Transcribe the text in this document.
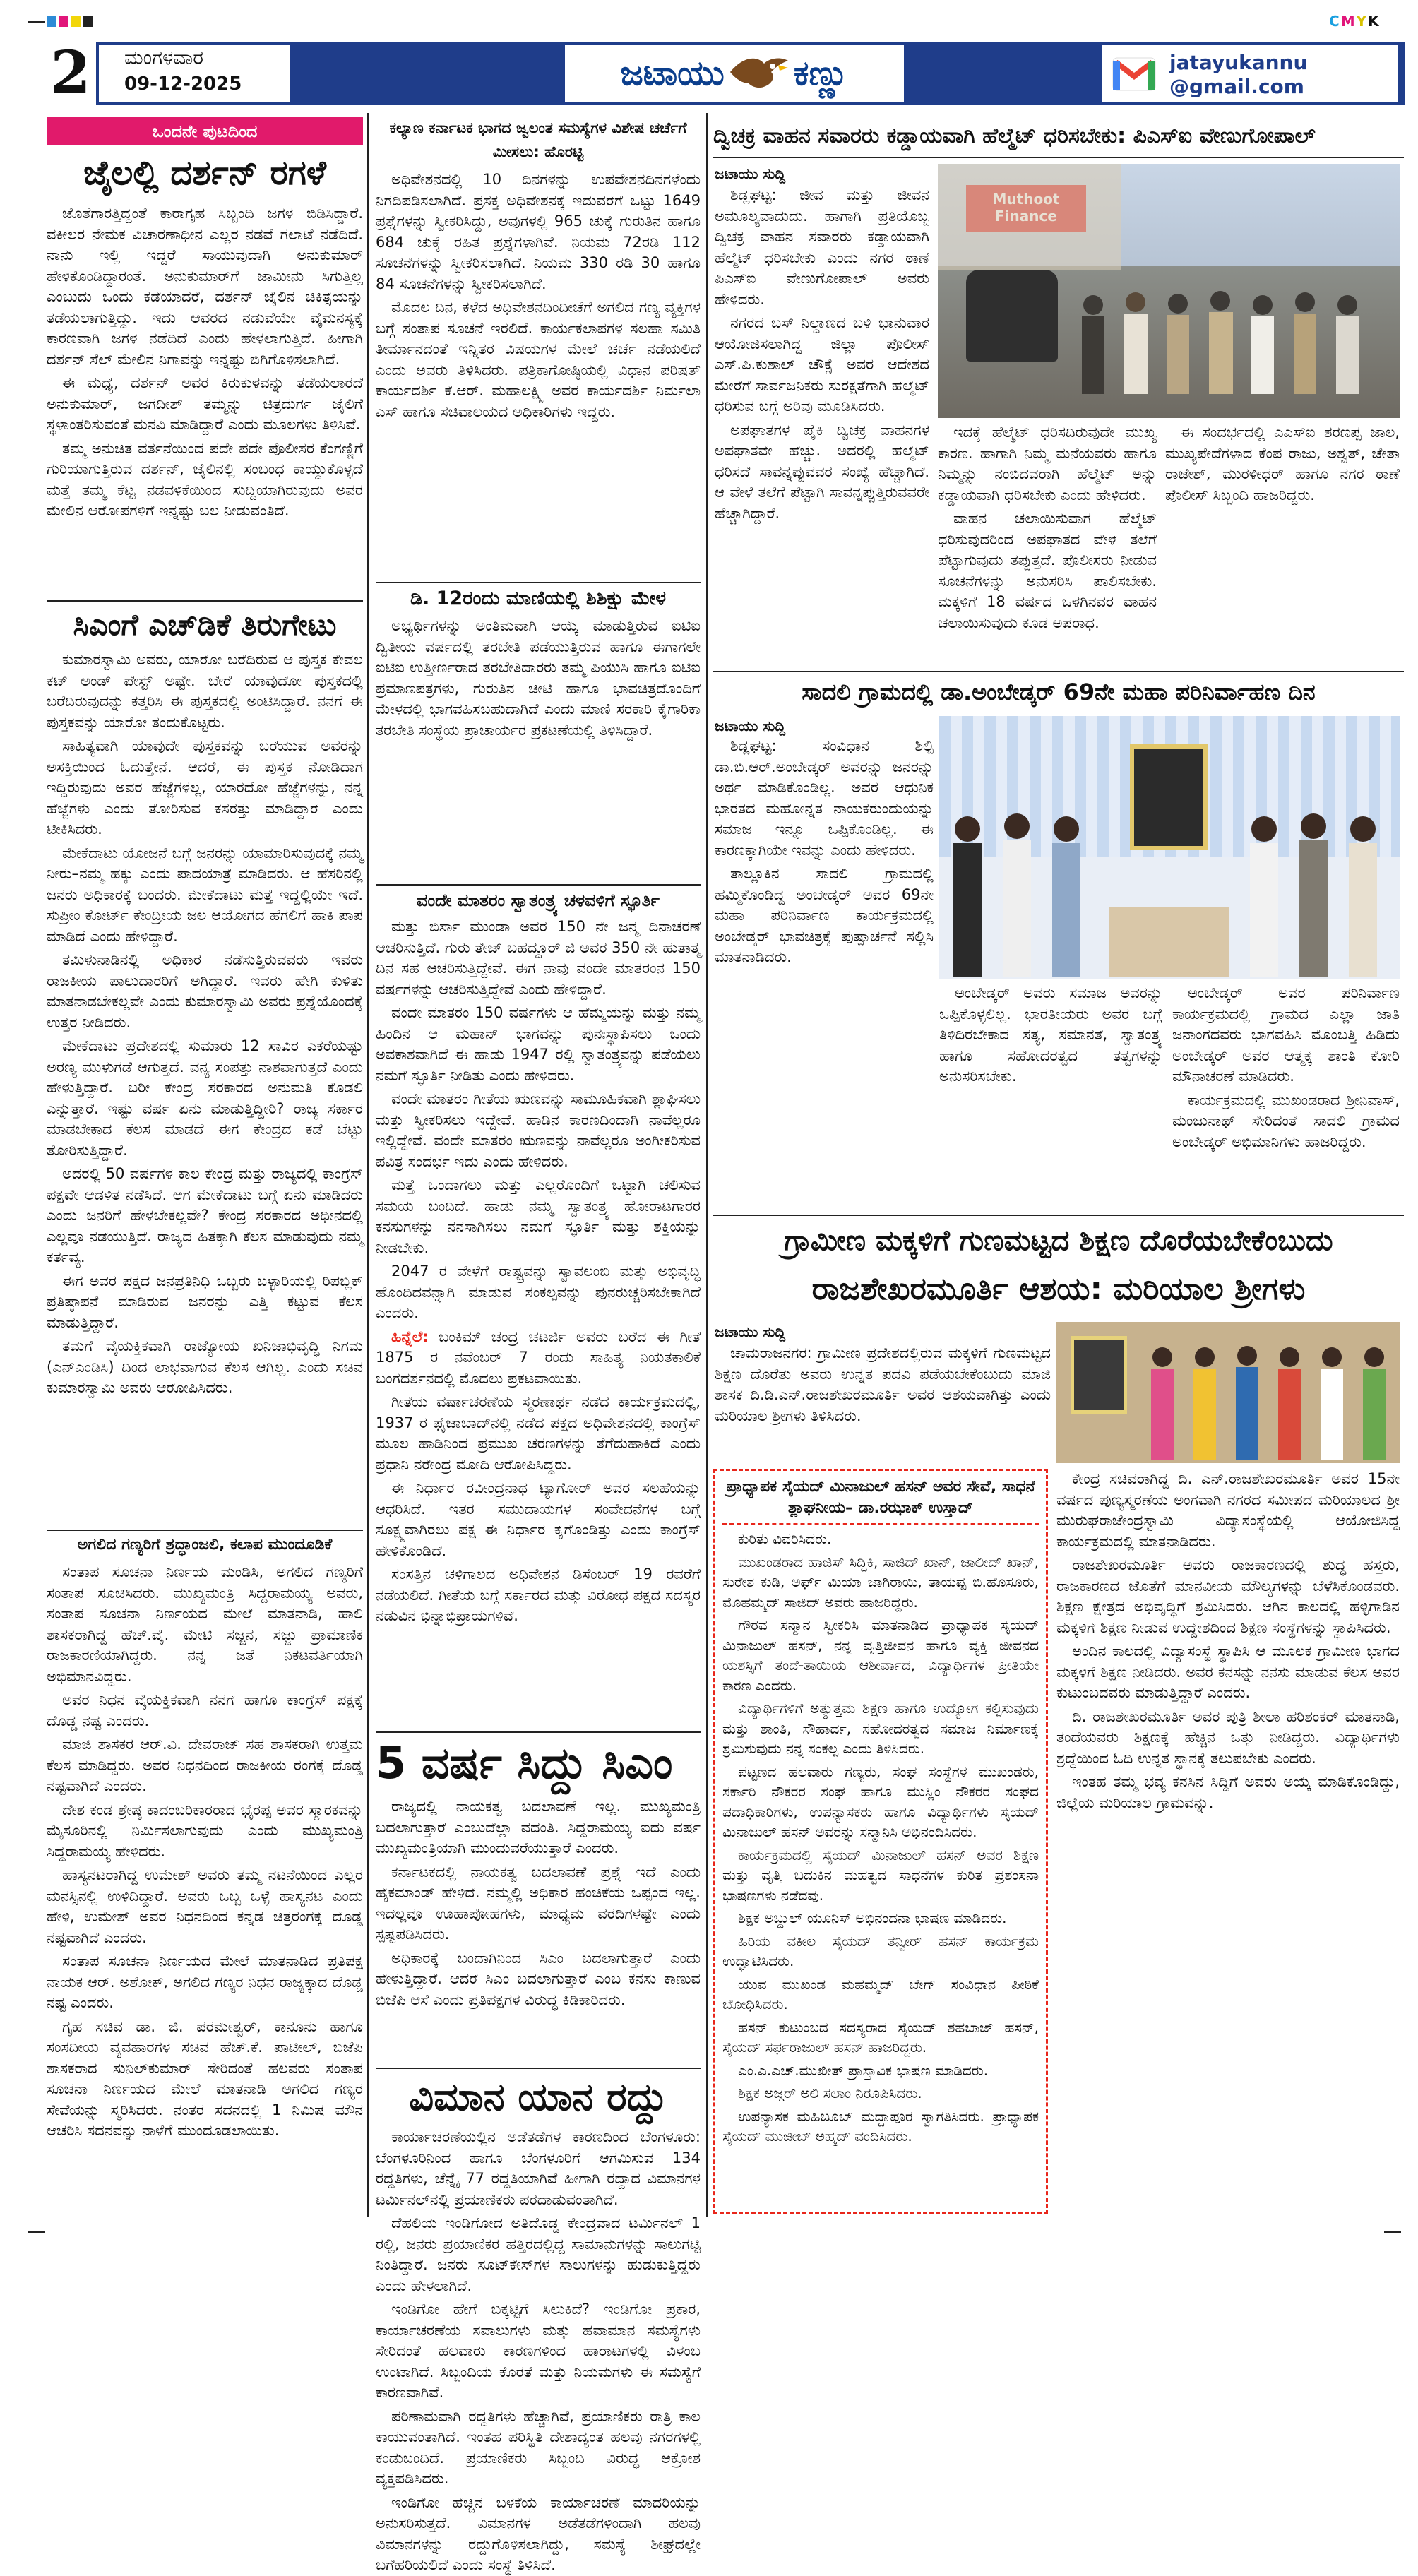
C M Y K
2 ಮಂಗಳವಾರ
09-12-2025	ಜಟಾಯು ಕಣ್ಣು	jatayukannu
@gmail.com
ಒಂದನೇ ಪುಟದಿಂದ
ಜೈಲಲ್ಲಿ ದರ್ಶನ್ ರಗಳೆ

ಜೊತೆಗಾರತ್ತಿದ್ದಂತೆ ಕಾರಾಗೃಹ ಸಿಬ್ಬಂದಿ ಜಗಳ ಬಿಡಿಸಿದ್ದಾರೆ. ವಕೀಲರ ನೇಮಕ ವಿಚಾರಣಾಧೀನ ಎಲ್ಲರ ನಡವೆ ಗಲಾಟೆ ನಡೆದಿದೆ. ನಾನು ಇಲ್ಲಿ ಇದ್ದರೆ ಸಾಯುವುದಾಗಿ ಅನುಕುಮಾರ್ ಹೇಳಿಕೊಂಡಿದ್ದಾರಂತೆ. ಅನುಕುಮಾರ್‌ಗೆ ಜಾಮೀನು ಸಿಗುತ್ತಿಲ್ಲ ಎಂಬುದು ಒಂದು ಕಡೆಯಾದರೆ, ದರ್ಶನ್ ಜೈಲಿನ ಚಿಕಿತ್ಸೆಯನ್ನು ತಡೆಯಲಾಗುತ್ತಿದ್ದು. ಇದು ಆವರದ ನಡುವೆಯೇ ವೈಮನಸ್ಯಕ್ಕೆ ಕಾರಣವಾಗಿ ಜಗಳ ನಡೆದಿದೆ ಎಂದು ಹೇಳಲಾಗುತ್ತಿದೆ. ಹೀಗಾಗಿ ದರ್ಶನ್ ಸೆಲ್ ಮೇಲಿನ ನಿಗಾವನ್ನು ಇನ್ನಷ್ಟು ಬಿಗಿಗೊಳಿಸಲಾಗಿದೆ.

ಈ ಮಧ್ಯೆ, ದರ್ಶನ್ ಅವರ ಕಿರುಕುಳವನ್ನು ತಡೆಯಲಾರದೆ ಅನುಕುಮಾರ್, ಜಗದೀಶ್ ತಮ್ಮನ್ನು ಚಿತ್ರದುರ್ಗ ಜೈಲಿಗೆ ಸ್ಥಳಾಂತರಿಸುವಂತೆ ಮನವಿ ಮಾಡಿದ್ದಾರೆ ಎಂದು ಮೂಲಗಳು ತಿಳಿಸಿವೆ.

ತಮ್ಮ ಅನುಚಿತ ವರ್ತನೆಯಿಂದ ಪದೇ ಪದೇ ಪೊಲೀಸರ ಕೆಂಗಣ್ಣಿಗೆ ಗುರಿಯಾಗುತ್ತಿರುವ ದರ್ಶನ್, ಜೈಲಿನಲ್ಲಿ ಸಂಬಂಧ ಕಾಯ್ದುಕೊಳ್ಳದೆ ಮತ್ತೆ ತಮ್ಮ ಕೆಟ್ಟ ನಡವಳಿಕೆಯಿಂದ ಸುದ್ದಿಯಾಗಿರುವುದು ಅವರ ಮೇಲಿನ ಆರೋಪಗಳಿಗೆ ಇನ್ನಷ್ಟು ಬಲ ನೀಡುವಂತಿದೆ.

ಸಿಎಂಗೆ ಎಚ್‌ಡಿಕೆ ತಿರುಗೇಟು

ಕುಮಾರಸ್ವಾಮಿ ಅವರು, ಯಾರೋ ಬರೆದಿರುವ ಆ ಪುಸ್ತಕ ಕೇವಲ ಕಟ್ ಅಂಡ್ ಪೇಸ್ಟ್ ಅಷ್ಟೇ. ಬೇರೆ ಯಾವುದೋ ಪುಸ್ತಕದಲ್ಲಿ ಬರೆದಿರುವುದನ್ನು ಕತ್ತರಿಸಿ ಈ ಪುಸ್ತಕದಲ್ಲಿ ಅಂಟಿಸಿದ್ದಾರೆ. ನನಗೆ ಈ ಪುಸ್ತಕವನ್ನು ಯಾರೋ ತಂದುಕೊಟ್ಟರು.

ಸಾಹಿತ್ಯವಾಗಿ ಯಾವುದೇ ಪುಸ್ತಕವನ್ನು ಬರೆಯುವ ಅವರನ್ನು ಅಸಕ್ತಿಯಿಂದ ಓದುತ್ತೇನೆ. ಆದರೆ, ಈ ಪುಸ್ತಕ ನೋಡಿದಾಗ ಇದ್ದಿರುವುದು ಅವರ ಹೆಜ್ಜೆಗಳಲ್ಲ, ಯಾರದೋ ಹೆಜ್ಜೆಗಳನ್ನು, ನನ್ನ ಹೆಜ್ಜೆಗಳು ಎಂದು ತೋರಿಸುವ ಕಸರತ್ತು ಮಾಡಿದ್ದಾರೆ ಎಂದು ಟೀಕಿಸಿದರು.

ಮೇಕೆದಾಟು ಯೋಜನೆ ಬಗ್ಗೆ ಜನರನ್ನು ಯಾಮಾರಿಸುವುದಕ್ಕೆ ನಮ್ಮ ನೀರು–ನಮ್ಮ ಹಕ್ಕು ಎಂದು ಪಾದಯಾತ್ರೆ ಮಾಡಿದರು. ಆ ಹೆಸರಿನಲ್ಲಿ ಜನರು ಅಧಿಕಾರಕ್ಕೆ ಬಂದರು. ಮೇಕೆದಾಟು ಮತ್ತೆ ಇದ್ದಲ್ಲಿಯೇ ಇದೆ. ಸುಪ್ರೀಂ ಕೋರ್ಟ್ ಕೇಂದ್ರೀಯ ಜಲ ಆಯೋಗದ ಹೆಗಲಿಗೆ ಹಾಕಿ ಪಾಪ ಮಾಡಿದೆ ಎಂದು ಹೇಳಿದ್ದಾರೆ.

ತಮಿಳುನಾಡಿನಲ್ಲಿ ಅಧಿಕಾರ ನಡೆಸುತ್ತಿರುವವರು ಇವರು ರಾಜಕೀಯ ಪಾಲುದಾರರಿಗೆ ಅಗಿದ್ದಾರೆ. ಇವರು ಹೇಗಿ ಕುಳಿತು ಮಾತನಾಡಬೇಕಲ್ಲವೇ ಎಂದು ಕುಮಾರಸ್ವಾಮಿ ಅವರು ಪ್ರಶ್ನೆಯೊಂದಕ್ಕೆ ಉತ್ತರ ನೀಡಿದರು.

ಮೇಕೆದಾಟು ಪ್ರದೇಶದಲ್ಲಿ ಸುಮಾರು 12 ಸಾವಿರ ಎಕರೆಯಷ್ಟು ಅರಣ್ಯ ಮುಳುಗಡೆ ಆಗುತ್ತದೆ. ವನ್ಯ ಸಂಪತ್ತು ನಾಶವಾಗುತ್ತದೆ ಎಂದು ಹೇಳುತ್ತಿದ್ದಾರೆ. ಬರೀ ಕೇಂದ್ರ ಸರಕಾರದ ಅನುಮತಿ ಕೊಡಲಿ ಎನ್ನುತ್ತಾರೆ. ಇಷ್ಟು ವರ್ಷ ಏನು ಮಾಡುತ್ತಿದ್ದೀರಿ? ರಾಜ್ಯ ಸರ್ಕಾರ ಮಾಡಬೇಕಾದ ಕೆಲಸ ಮಾಡದೆ ಈಗ ಕೇಂದ್ರದ ಕಡೆ ಬೆಟ್ಟು ತೋರಿಸುತ್ತಿದ್ದಾರೆ.

ಅದರಲ್ಲಿ 50 ವರ್ಷಗಳ ಕಾಲ ಕೇಂದ್ರ ಮತ್ತು ರಾಜ್ಯದಲ್ಲಿ ಕಾಂಗ್ರೆಸ್ ಪಕ್ಷವೇ ಆಡಳಿತ ನಡೆಸಿದೆ. ಆಗ ಮೇಕೆದಾಟು ಬಗ್ಗೆ ಏನು ಮಾಡಿದರು ಎಂದು ಜನರಿಗೆ ಹೇಳಬೇಕಲ್ಲವೇ? ಕೇಂದ್ರ ಸರಕಾರದ ಅಧೀನದಲ್ಲಿ ಎಲ್ಲವೂ ನಡೆಯುತ್ತಿದೆ. ರಾಜ್ಯದ ಹಿತಕ್ಕಾಗಿ ಕೆಲಸ ಮಾಡುವುದು ನಮ್ಮ ಕರ್ತವ್ಯ.

ಈಗ ಅವರ ಪಕ್ಷದ ಜನಪ್ರತಿನಿಧಿ ಒಬ್ಬರು ಬಳ್ಳಾರಿಯಲ್ಲಿ ರಿಪಬ್ಲಿಕ್ ಪ್ರತಿಷ್ಠಾಪನೆ ಮಾಡಿರುವ ಜನರನ್ನು ಎತ್ತಿ ಕಟ್ಟುವ ಕೆಲಸ ಮಾಡುತ್ತಿದ್ದಾರೆ.

ತಮಗೆ ವೈಯಕ್ತಿಕವಾಗಿ ರಾಜ್ಯೋಯ ಖನಿಜಾಭಿವೃದ್ಧಿ ನಿಗಮ (ಎನ್‌ಎಂಡಿಸಿ) ದಿಂದ ಲಾಭವಾಗುವ ಕೆಲಸ ಆಗಿಲ್ಲ. ಎಂದು ಸಚಿವ ಕುಮಾರಸ್ವಾಮಿ ಅವರು ಆರೋಪಿಸಿದರು.

ಅಗಲಿದ ಗಣ್ಯರಿಗೆ ಶ್ರದ್ಧಾಂಜಲಿ, ಕಲಾಪ ಮುಂದೂಡಿಕೆ

ಸಂತಾಪ ಸೂಚನಾ ನಿರ್ಣಯ ಮಂಡಿಸಿ, ಅಗಲಿದ ಗಣ್ಯರಿಗೆ ಸಂತಾಪ ಸೂಚಿಸಿದರು. ಮುಖ್ಯಮಂತ್ರಿ ಸಿದ್ದರಾಮಯ್ಯ ಅವರು, ಸಂತಾಪ ಸೂಚನಾ ನಿರ್ಣಯದ ಮೇಲೆ ಮಾತನಾಡಿ, ಹಾಲಿ ಶಾಸಕರಾಗಿದ್ದ ಹೆಚ್.ವೈ. ಮೇಟಿ ಸಜ್ಜನ, ಸಜ್ಜು ಪ್ರಾಮಾಣಿಕ ರಾಜಕಾರಣಿಯಾಗಿದ್ದರು. ನನ್ನ ಜತೆ ನಿಕಟವರ್ತಿಯಾಗಿ ಅಭಿಮಾನವಿದ್ದರು.

ಅವರ ನಿಧನ ವೈಯಕ್ತಿಕವಾಗಿ ನನಗೆ ಹಾಗೂ ಕಾಂಗ್ರೆಸ್ ಪಕ್ಷಕ್ಕೆ ದೊಡ್ಡ ನಷ್ಟ ಎಂದರು.

ಮಾಜಿ ಶಾಸಕರ ಆರ್.ವಿ. ದೇವರಾಜ್ ಸಹ ಶಾಸಕರಾಗಿ ಉತ್ತಮ ಕೆಲಸ ಮಾಡಿದ್ದರು. ಅವರ ನಿಧನದಿಂದ ರಾಜಕೀಯ ರಂಗಕ್ಕೆ ದೊಡ್ಡ ನಷ್ಟವಾಗಿದೆ ಎಂದರು.

ದೇಶ ಕಂಡ ಶ್ರೇಷ್ಠ ಕಾದಂಬರಿಕಾರರಾದ ಭೈರಪ್ಪ ಅವರ ಸ್ಮಾರಕವನ್ನು ಮೈಸೂರಿನಲ್ಲಿ ನಿರ್ಮಿಸಲಾಗುವುದು ಎಂದು ಮುಖ್ಯಮಂತ್ರಿ ಸಿದ್ದರಾಮಯ್ಯ ಹೇಳಿದರು.

ಹಾಸ್ಯನಟರಾಗಿದ್ದ ಉಮೇಶ್ ಅವರು ತಮ್ಮ ನಟನೆಯಿಂದ ಎಲ್ಲರ ಮನಸ್ಸಿನಲ್ಲಿ ಉಳಿದಿದ್ದಾರೆ. ಅವರು ಒಬ್ಬ ಒಳ್ಳೆ ಹಾಸ್ಯನಟ ಎಂದು ಹೇಳಿ, ಉಮೇಶ್ ಅವರ ನಿಧನದಿಂದ ಕನ್ನಡ ಚಿತ್ರರಂಗಕ್ಕೆ ದೊಡ್ಡ ನಷ್ಟವಾಗಿದೆ ಎಂದರು.

ಸಂತಾಪ ಸೂಚನಾ ನಿರ್ಣಯದ ಮೇಲೆ ಮಾತನಾಡಿದ ಪ್ರತಿಪಕ್ಷ ನಾಯಕ ಆರ್. ಅಶೋಕ್, ಅಗಲಿದ ಗಣ್ಯರ ನಿಧನ ರಾಜ್ಯಕ್ಕಾದ ದೊಡ್ಡ ನಷ್ಟ ಎಂದರು.

ಗೃಹ ಸಚಿವ ಡಾ. ಜಿ. ಪರಮೇಶ್ವರ್, ಕಾನೂನು ಹಾಗೂ ಸಂಸದೀಯ ವ್ಯವಹಾರಗಳ ಸಚಿವ ಹೆಚ್.ಕೆ. ಪಾಟೀಲ್, ಬಿಜೆಪಿ ಶಾಸಕರಾದ ಸುನಿಲ್‌ಕುಮಾರ್ ಸೇರಿದಂತೆ ಹಲವರು ಸಂತಾಪ ಸೂಚನಾ ನಿರ್ಣಯದ ಮೇಲೆ ಮಾತನಾಡಿ ಅಗಲಿದ ಗಣ್ಯರ ಸೇವೆಯನ್ನು ಸ್ಮರಿಸಿದರು. ನಂತರ ಸದನದಲ್ಲಿ 1 ನಿಮಿಷ ಮೌನ ಆಚರಿಸಿ ಸದನವನ್ನು ನಾಳೆಗೆ ಮುಂದೂಡಲಾಯಿತು.

ಕಲ್ಯಾಣ ಕರ್ನಾಟಕ ಭಾಗದ ಜ್ವಲಂತ ಸಮಸ್ಯೆಗಳ ವಿಶೇಷ ಚರ್ಚೆಗೆ ಮೀಸಲು: ಹೊರಟ್ಟಿ

ಅಧಿವೇಶನದಲ್ಲಿ 10 ದಿನಗಳನ್ನು ಉಪವೇಶನದಿನಗಳೆಂದು ನಿಗದಿಪಡಿಸಲಾಗಿದೆ. ಪ್ರಸಕ್ತ ಅಧಿವೇಶನಕ್ಕೆ ಇದುವರೆಗೆ ಒಟ್ಟು 1649 ಪ್ರಶ್ನೆಗಳನ್ನು ಸ್ವೀಕರಿಸಿದ್ದು, ಅವುಗಳಲ್ಲಿ 965 ಚುಕ್ಕೆ ಗುರುತಿನ ಹಾಗೂ 684 ಚುಕ್ಕೆ ರಹಿತ ಪ್ರಶ್ನೆಗಳಾಗಿವೆ. ನಿಯಮ 72ರಡಿ 112 ಸೂಚನೆಗಳನ್ನು ಸ್ವೀಕರಿಸಲಾಗಿದೆ. ನಿಯಮ 330 ರಡಿ 30 ಹಾಗೂ 84 ಸೂಚನೆಗಳನ್ನು ಸ್ವೀಕರಿಸಲಾಗಿದೆ.

ಮೊದಲ ದಿನ, ಕಳೆದ ಅಧಿವೇಶನದಿಂದೀಚೆಗೆ ಅಗಲಿದ ಗಣ್ಯ ವ್ಯಕ್ತಿಗಳ ಬಗ್ಗೆ ಸಂತಾಪ ಸೂಚನೆ ಇರಲಿದೆ. ಕಾರ್ಯಕಲಾಪಗಳ ಸಲಹಾ ಸಮಿತಿ ತೀರ್ಮಾನದಂತೆ ಇನ್ನಿತರ ವಿಷಯಗಳ ಮೇಲೆ ಚರ್ಚೆ ನಡೆಯಲಿದೆ ಎಂದು ಅವರು ತಿಳಿಸಿದರು. ಪತ್ರಿಕಾಗೋಷ್ಠಿಯಲ್ಲಿ ವಿಧಾನ ಪರಿಷತ್ ಕಾರ್ಯದರ್ಶಿ ಕೆ.ಆರ್. ಮಹಾಲಕ್ಷ್ಮಿ ಅವರ ಕಾರ್ಯದರ್ಶಿ ನಿರ್ಮಲಾ ಎಸ್ ಹಾಗೂ ಸಚಿವಾಲಯದ ಅಧಿಕಾರಿಗಳು ಇದ್ದರು.

ಡಿ. 12ರಂದು ಮಾಣಿಯಲ್ಲಿ ಶಿಶಿಕ್ಷು ಮೇಳ

ಅಭ್ಯರ್ಥಿಗಳನ್ನು ಅಂತಿಮವಾಗಿ ಆಯ್ಕೆ ಮಾಡುತ್ತಿರುವ ಐಟಿಐ ದ್ವಿತೀಯ ವರ್ಷದಲ್ಲಿ ತರಬೇತಿ ಪಡೆಯುತ್ತಿರುವ ಹಾಗೂ ಈಗಾಗಲೇ ಐಟಿಐ ಉತ್ತೀರ್ಣರಾದ ತರಬೇತಿದಾರರು ತಮ್ಮ ಪಿಯುಸಿ ಹಾಗೂ ಐಟಿಐ ಪ್ರಮಾಣಪತ್ರಗಳು, ಗುರುತಿನ ಚೀಟಿ ಹಾಗೂ ಭಾವಚಿತ್ರದೊಂದಿಗೆ ಮೇಳದಲ್ಲಿ ಭಾಗವಹಿಸಬಹುದಾಗಿದೆ ಎಂದು ಮಾಣಿ ಸರಕಾರಿ ಕೈಗಾರಿಕಾ ತರಬೇತಿ ಸಂಸ್ಥೆಯ ಪ್ರಾಚಾರ್ಯರ ಪ್ರಕಟಣೆಯಲ್ಲಿ ತಿಳಿಸಿದ್ದಾರೆ.

ವಂದೇ ಮಾತರಂ ಸ್ವಾತಂತ್ರ್ಯ ಚಳವಳಿಗೆ ಸ್ಫೂರ್ತಿ

ಮತ್ತು ಬಿರ್ಸಾ ಮುಂಡಾ ಅವರ 150 ನೇ ಜನ್ಮ ದಿನಾಚರಣೆ ಆಚರಿಸುತ್ತಿದೆ. ಗುರು ತೇಜ್ ಬಹದ್ದೂರ್ ಜಿ ಅವರ 350 ನೇ ಹುತಾತ್ಮ ದಿನ ಸಹ ಆಚರಿಸುತ್ತಿದ್ದೇವೆ. ಈಗ ನಾವು ವಂದೇ ಮಾತರಂನ 150 ವರ್ಷಗಳನ್ನು ಆಚರಿಸುತ್ತಿದ್ದೇವೆ ಎಂದು ಹೇಳಿದ್ದಾರೆ.

ವಂದೇ ಮಾತರಂ 150 ವರ್ಷಗಳು ಆ ಹೆಮ್ಮೆಯನ್ನು ಮತ್ತು ನಮ್ಮ ಹಿಂದಿನ ಆ ಮಹಾನ್ ಭಾಗವನ್ನು ಪುನಃಸ್ಥಾಪಿಸಲು ಒಂದು ಅವಕಾಶವಾಗಿದೆ ಈ ಹಾಡು 1947 ರಲ್ಲಿ ಸ್ವಾತಂತ್ರ್ಯವನ್ನು ಪಡೆಯಲು ನಮಗೆ ಸ್ಫೂರ್ತಿ ನೀಡಿತು ಎಂದು ಹೇಳಿದರು.

ವಂದೇ ಮಾತರಂ ಗೀತೆಯ ಋಣವನ್ನು ಸಾಮೂಹಿಕವಾಗಿ ಶ್ಲಾಘಿಸಲು ಮತ್ತು ಸ್ವೀಕರಿಸಲು ಇದ್ದೇವೆ. ಹಾಡಿನ ಕಾರಣದಿಂದಾಗಿ ನಾವೆಲ್ಲರೂ ಇಲ್ಲಿದ್ದೇವೆ. ವಂದೇ ಮಾತರಂ ಋಣವನ್ನು ನಾವೆಲ್ಲರೂ ಅಂಗೀಕರಿಸುವ ಪವಿತ್ರ ಸಂದರ್ಭ ಇದು ಎಂದು ಹೇಳಿದರು.

ಮತ್ತೆ ಒಂದಾಗಲು ಮತ್ತು ಎಲ್ಲರೊಂದಿಗೆ ಒಟ್ಟಾಗಿ ಚಲಿಸುವ ಸಮಯ ಬಂದಿದೆ. ಹಾಡು ನಮ್ಮ ಸ್ವಾತಂತ್ರ್ಯ ಹೋರಾಟಗಾರರ ಕನಸುಗಳನ್ನು ನನಸಾಗಿಸಲು ನಮಗೆ ಸ್ಫೂರ್ತಿ ಮತ್ತು ಶಕ್ತಿಯನ್ನು ನೀಡಬೇಕು.

2047 ರ ವೇಳೆಗೆ ರಾಷ್ಟ್ರವನ್ನು ಸ್ವಾವಲಂಬಿ ಮತ್ತು ಅಭಿವೃದ್ಧಿ ಹೊಂದಿದವನ್ನಾಗಿ ಮಾಡುವ ಸಂಕಲ್ಪವನ್ನು ಪುನರುಚ್ಚರಿಸಬೇಕಾಗಿದೆ ಎಂದರು.

ಹಿನ್ನೆಲೆ: ಬಂಕಿಮ್ ಚಂದ್ರ ಚಟರ್ಜಿ ಅವರು ಬರೆದ ಈ ಗೀತೆ 1875 ರ ನವೆಂಬರ್ 7 ರಂದು ಸಾಹಿತ್ಯ ನಿಯತಕಾಲಿಕೆ ಬಂಗದರ್ಶನದಲ್ಲಿ ಮೊದಲು ಪ್ರಕಟವಾಯಿತು.

ಗೀತೆಯ ವರ್ಷಾಚರಣೆಯ ಸ್ಮರಣಾರ್ಥ ನಡೆದ ಕಾರ್ಯಕ್ರಮದಲ್ಲಿ, 1937 ರ ಫೈಜಾಬಾದ್‌ನಲ್ಲಿ ನಡೆದ ಪಕ್ಷದ ಅಧಿವೇಶನದಲ್ಲಿ ಕಾಂಗ್ರೆಸ್ ಮೂಲ ಹಾಡಿನಿಂದ ಪ್ರಮುಖ ಚರಣಗಳನ್ನು ತೆಗೆದುಹಾಕಿದೆ ಎಂದು ಪ್ರಧಾನಿ ನರೇಂದ್ರ ಮೋದಿ ಆರೋಪಿಸಿದ್ದರು.

ಈ ನಿರ್ಧಾರ ರವೀಂದ್ರನಾಥ ಟ್ಯಾಗೋರ್ ಅವರ ಸಲಹೆಯನ್ನು ಆಧರಿಸಿದೆ. ಇತರ ಸಮುದಾಯಗಳ ಸಂವೇದನೆಗಳ ಬಗ್ಗೆ ಸೂಕ್ಷ್ಮವಾಗಿರಲು ಪಕ್ಷ ಈ ನಿರ್ಧಾರ ಕೈಗೊಂಡಿತ್ತು ಎಂದು ಕಾಂಗ್ರೆಸ್ ಹೇಳಿಕೊಂಡಿದೆ.

ಸಂಸತ್ತಿನ ಚಳಿಗಾಲದ ಅಧಿವೇಶನ ಡಿಸೆಂಬರ್ 19 ರವರೆಗೆ ನಡೆಯಲಿದೆ. ಗೀತೆಯ ಬಗ್ಗೆ ಸರ್ಕಾರದ ಮತ್ತು ವಿರೋಧ ಪಕ್ಷದ ಸದಸ್ಯರ ನಡುವಿನ ಭಿನ್ನಾಭಿಪ್ರಾಯಗಳಿವೆ.

5 ವರ್ಷ ಸಿದ್ದು ಸಿಎಂ

ರಾಜ್ಯದಲ್ಲಿ ನಾಯಕತ್ವ ಬದಲಾವಣೆ ಇಲ್ಲ. ಮುಖ್ಯಮಂತ್ರಿ ಬದಲಾಗುತ್ತಾರೆ ಎಂಬುದೆಲ್ಲಾ ವದಂತಿ. ಸಿದ್ದರಾಮಯ್ಯ ಐದು ವರ್ಷ ಮುಖ್ಯಮಂತ್ರಿಯಾಗಿ ಮುಂದುವರೆಯುತ್ತಾರೆ ಎಂದರು.

ಕರ್ನಾಟಕದಲ್ಲಿ ನಾಯಕತ್ವ ಬದಲಾವಣೆ ಪ್ರಶ್ನೆ ಇದೆ ಎಂದು ಹೈಕಮಾಂಡ್ ಹೇಳಿದೆ. ನಮ್ಮಲ್ಲಿ ಅಧಿಕಾರ ಹಂಚಿಕೆಯ ಒಪ್ಪಂದ ಇಲ್ಲ. ಇದೆಲ್ಲವೂ ಊಹಾಪೋಹಗಳು, ಮಾಧ್ಯಮ ವರದಿಗಳಷ್ಟೇ ಎಂದು ಸ್ಪಷ್ಟಪಡಿಸಿದರು.

ಅಧಿಕಾರಕ್ಕೆ ಬಂದಾಗಿನಿಂದ ಸಿಎಂ ಬದಲಾಗುತ್ತಾರೆ ಎಂದು ಹೇಳುತ್ತಿದ್ದಾರೆ. ಆದರೆ ಸಿಎಂ ಬದಲಾಗುತ್ತಾರೆ ಎಂಬ ಕನಸು ಕಾಣುವ ಬಿಜೆಪಿ ಆಸೆ ಎಂದು ಪ್ರತಿಪಕ್ಷಗಳ ವಿರುದ್ಧ ಕಿಡಿಕಾರಿದರು.

ವಿಮಾನ ಯಾನ ರದ್ದು

ಕಾರ್ಯಾಚರಣೆಯಲ್ಲಿನ ಅಡೆತಡೆಗಳ ಕಾರಣದಿಂದ ಬೆಂಗಳೂರು: ಬೆಂಗಳೂರಿನಿಂದ ಹಾಗೂ ಬೆಂಗಳೂರಿಗೆ ಆಗಮಿಸುವ 134 ರದ್ದತಿಗಳು, ಚೆನ್ನೈ 77 ರದ್ದತಿಯಾಗಿವೆ ಹೀಗಾಗಿ ರದ್ದಾದ ವಿಮಾನಗಳ ಟರ್ಮಿನಲ್‌ನಲ್ಲಿ ಪ್ರಯಾಣಿಕರು ಪರದಾಡುವಂತಾಗಿದೆ.

ದೆಹಲಿಯ ಇಂಡಿಗೋದ ಅತಿದೊಡ್ಡ ಕೇಂದ್ರವಾದ ಟರ್ಮಿನಲ್ 1 ರಲ್ಲಿ, ಜನರು ಪ್ರಯಾಣಿಕರ ಹತ್ತಿರದಲ್ಲಿದ್ದ ಸಾಮಾನುಗಳನ್ನು ಸಾಲುಗಟ್ಟಿ ನಿಂತಿದ್ದಾರೆ. ಜನರು ಸೂಟ್‌ಕೇಸ್‌ಗಳ ಸಾಲುಗಳನ್ನು ಹುಡುಕುತ್ತಿದ್ದರು ಎಂದು ಹೇಳಲಾಗಿದೆ.

ಇಂಡಿಗೋ ಹೇಗೆ ಬಿಕ್ಕಟ್ಟಿಗೆ ಸಿಲುಕಿದೆ? ಇಂಡಿಗೋ ಪ್ರಕಾರ, ಕಾರ್ಯಾಚರಣೆಯ ಸವಾಲುಗಳು ಮತ್ತು ಹವಾಮಾನ ಸಮಸ್ಯೆಗಳು ಸೇರಿದಂತೆ ಹಲವಾರು ಕಾರಣಗಳಿಂದ ಹಾರಾಟಗಳಲ್ಲಿ ವಿಳಂಬ ಉಂಟಾಗಿದೆ. ಸಿಬ್ಬಂದಿಯ ಕೊರತೆ ಮತ್ತು ನಿಯಮಗಳು ಈ ಸಮಸ್ಯೆಗೆ ಕಾರಣವಾಗಿವೆ.

ಪರಿಣಾಮವಾಗಿ ರದ್ದತಿಗಳು ಹೆಚ್ಚಾಗಿವೆ, ಪ್ರಯಾಣಿಕರು ರಾತ್ರಿ ಕಾಲ ಕಾಯುವಂತಾಗಿದೆ. ಇಂತಹ ಪರಿಸ್ಥಿತಿ ದೇಶಾದ್ಯಂತ ಹಲವು ನಗರಗಳಲ್ಲಿ ಕಂಡುಬಂದಿದೆ. ಪ್ರಯಾಣಿಕರು ಸಿಬ್ಬಂದಿ ವಿರುದ್ಧ ಆಕ್ರೋಶ ವ್ಯಕ್ತಪಡಿಸಿದರು.

ಇಂಡಿಗೋ ಹೆಚ್ಚಿನ ಬಳಕೆಯ ಕಾರ್ಯಾಚರಣೆ ಮಾದರಿಯನ್ನು ಅನುಸರಿಸುತ್ತದೆ. ವಿಮಾನಗಳ ಅಡೆತಡೆಗಳಿಂದಾಗಿ ಹಲವು ವಿಮಾನಗಳನ್ನು ರದ್ದುಗೊಳಿಸಲಾಗಿದ್ದು, ಸಮಸ್ಯೆ ಶೀಘ್ರದಲ್ಲೇ ಬಗೆಹರಿಯಲಿದೆ ಎಂದು ಸಂಸ್ಥೆ ತಿಳಿಸಿದೆ.

ದ್ವಿಚಕ್ರ ವಾಹನ ಸವಾರರು ಕಡ್ಡಾಯವಾಗಿ ಹೆಲ್ಮೆಟ್ ಧರಿಸಬೇಕು: ಪಿಎಸ್‌ಐ ವೇಣುಗೋಪಾಲ್
ಜಟಾಯು ಸುದ್ದಿ

ಶಿಡ್ಲಘಟ್ಟ: ಜೀವ ಮತ್ತು ಜೀವನ ಅಮೂಲ್ಯವಾದುದು. ಹಾಗಾಗಿ ಪ್ರತಿಯೊಬ್ಬ ದ್ವಿಚಕ್ರ ವಾಹನ ಸವಾರರು ಕಡ್ಡಾಯವಾಗಿ ಹೆಲ್ಮೆಟ್ ಧರಿಸಬೇಕು ಎಂದು ನಗರ ಠಾಣೆ ಪಿಎಸ್‌ಐ ವೇಣುಗೋಪಾಲ್ ಅವರು ಹೇಳಿದರು.

ನಗರದ ಬಸ್ ನಿಲ್ದಾಣದ ಬಳಿ ಭಾನುವಾರ ಆಯೋಜಿಸಲಾಗಿದ್ದ ಜಿಲ್ಲಾ ಪೊಲೀಸ್ ಎಸ್.ಪಿ.ಕುಶಾಲ್ ಚೌಕ್ಸೆ ಅವರ ಆದೇಶದ ಮೇರೆಗೆ ಸಾರ್ವಜನಿಕರು ಸುರಕ್ಷತೆಗಾಗಿ ಹೆಲ್ಮೆಟ್ ಧರಿಸುವ ಬಗ್ಗೆ ಅರಿವು ಮೂಡಿಸಿದರು.

ಅಪಘಾತಗಳ ಪೈಕಿ ದ್ವಿಚಕ್ರ ವಾಹನಗಳ ಅಪಘಾತವೇ ಹೆಚ್ಚು. ಅದರಲ್ಲಿ ಹೆಲ್ಮೆಟ್ ಧರಿಸದೆ ಸಾವನ್ನಪ್ಪುವವರ ಸಂಖ್ಯೆ ಹೆಚ್ಚಾಗಿದೆ. ಆ ವೇಳೆ ತಲೆಗೆ ಪೆಟ್ಟಾಗಿ ಸಾವನ್ನಪ್ಪುತ್ತಿರುವವರೇ ಹೆಚ್ಚಾಗಿದ್ದಾರೆ.

ಇದಕ್ಕೆ ಹೆಲ್ಮೆಟ್ ಧರಿಸದಿರುವುದೇ ಮುಖ್ಯ ಕಾರಣ. ಹಾಗಾಗಿ ನಿಮ್ಮ ಮನೆಯವರು ಹಾಗೂ ನಿಮ್ಮನ್ನು ನಂಬಿದವರಾಗಿ ಹೆಲ್ಮೆಟ್ ಅನ್ನು ಕಡ್ಡಾಯವಾಗಿ ಧರಿಸಬೇಕು ಎಂದು ಹೇಳಿದರು.

ವಾಹನ ಚಲಾಯಿಸುವಾಗ ಹೆಲ್ಮೆಟ್ ಧರಿಸುವುದರಿಂದ ಅಪಘಾತದ ವೇಳೆ ತಲೆಗೆ ಪೆಟ್ಟಾಗುವುದು ತಪ್ಪುತ್ತದೆ. ಪೊಲೀಸರು ನೀಡುವ ಸೂಚನೆಗಳನ್ನು ಅನುಸರಿಸಿ ಪಾಲಿಸಬೇಕು. ಮಕ್ಕಳಿಗೆ 18 ವರ್ಷದ ಒಳಗಿನವರ ವಾಹನ ಚಲಾಯಿಸುವುದು ಕೂಡ ಅಪರಾಧ.

ಈ ಸಂದರ್ಭದಲ್ಲಿ ಎಎಸ್‌ಐ ಶರಣಪ್ಪ ಜಾಲ, ಮುಖ್ಯಪೇದೆಗಳಾದ ಕೆಂಪ ರಾಜು, ಅಶ್ವತ್, ಚೇತಾ ರಾಜೇಶ್, ಮುರಳೀಧರ್ ಹಾಗೂ ನಗರ ಠಾಣೆ ಪೊಲೀಸ್ ಸಿಬ್ಬಂದಿ ಹಾಜರಿದ್ದರು.

ಸಾದಲಿ ಗ್ರಾಮದಲ್ಲಿ ಡಾ.ಅಂಬೇಡ್ಕರ್ 69ನೇ ಮಹಾ ಪರಿನಿರ್ವಾಹಣ ದಿನ
ಜಟಾಯು ಸುದ್ದಿ

ಶಿಡ್ಲಘಟ್ಟ: ಸಂವಿಧಾನ ಶಿಲ್ಪಿ ಡಾ.ಬಿ.ಆರ್.ಅಂಬೇಡ್ಕರ್ ಅವರನ್ನು ಜನರನ್ನು ಅರ್ಥ ಮಾಡಿಕೊಂಡಿಲ್ಲ. ಅವರ ಆಧುನಿಕ ಭಾರತದ ಮಹೋನ್ನತ ನಾಯಕರುಂದುಯನ್ನು ಸಮಾಜ ಇನ್ನೂ ಒಪ್ಪಿಕೊಂಡಿಲ್ಲ. ಈ ಕಾರಣಕ್ಕಾಗಿಯೇ ಇವನ್ನು ಎಂದು ಹೇಳಿದರು.

ತಾಲ್ಲೂಕಿನ ಸಾದಲಿ ಗ್ರಾಮದಲ್ಲಿ ಹಮ್ಮಿಕೊಂಡಿದ್ದ ಅಂಬೇಡ್ಕರ್ ಅವರ 69ನೇ ಮಹಾ ಪರಿನಿರ್ವಾಣ ಕಾರ್ಯಕ್ರಮದಲ್ಲಿ ಅಂಬೇಡ್ಕರ್ ಭಾವಚಿತ್ರಕ್ಕೆ ಪುಷ್ಪಾರ್ಚನೆ ಸಲ್ಲಿಸಿ ಮಾತನಾಡಿದರು.

ಅಂಬೇಡ್ಕರ್ ಅವರು ಸಮಾಜ ಅವರನ್ನು ಒಪ್ಪಿಕೊಳ್ಳಲಿಲ್ಲ. ಭಾರತೀಯರು ಅವರ ಬಗ್ಗೆ ತಿಳಿದಿರಬೇಕಾದ ಸತ್ಯ, ಸಮಾನತೆ, ಸ್ವಾತಂತ್ರ್ಯ ಹಾಗೂ ಸಹೋದರತ್ವದ ತತ್ವಗಳನ್ನು ಅನುಸರಿಸಬೇಕು.

ಅಂಬೇಡ್ಕರ್ ಅವರ ಪರಿನಿರ್ವಾಣ ಕಾರ್ಯಕ್ರಮದಲ್ಲಿ ಗ್ರಾಮದ ಎಲ್ಲಾ ಜಾತಿ ಜನಾಂಗದವರು ಭಾಗವಹಿಸಿ ಮೊಂಬತ್ತಿ ಹಿಡಿದು ಅಂಬೇಡ್ಕರ್ ಅವರ ಆತ್ಮಕ್ಕೆ ಶಾಂತಿ ಕೋರಿ ಮೌನಾಚರಣೆ ಮಾಡಿದರು.

ಕಾರ್ಯಕ್ರಮದಲ್ಲಿ ಮುಖಂಡರಾದ ಶ್ರೀನಿವಾಸ್, ಮಂಜುನಾಥ್ ಸೇರಿದಂತೆ ಸಾದಲಿ ಗ್ರಾಮದ ಅಂಬೇಡ್ಕರ್ ಅಭಿಮಾನಿಗಳು ಹಾಜರಿದ್ದರು.

ಗ್ರಾಮೀಣ ಮಕ್ಕಳಿಗೆ ಗುಣಮಟ್ಟದ ಶಿಕ್ಷಣ ದೊರೆಯಬೇಕೆಂಬುದು
ರಾಜಶೇಖರಮೂರ್ತಿ ಆಶಯ: ಮರಿಯಾಲ ಶ್ರೀಗಳು
ಜಟಾಯು ಸುದ್ದಿ

ಚಾಮರಾಜನಗರ: ಗ್ರಾಮೀಣ ಪ್ರದೇಶದಲ್ಲಿರುವ ಮಕ್ಕಳಿಗೆ ಗುಣಮಟ್ಟದ ಶಿಕ್ಷಣ ದೊರೆತು ಅವರು ಉನ್ನತ ಪದವಿ ಪಡೆಯಬೇಕೆಂಬುದು ಮಾಜಿ ಶಾಸಕ ದಿ.ಡಿ.ಎನ್.ರಾಜಶೇಖರಮೂರ್ತಿ ಅವರ ಆಶಯವಾಗಿತ್ತು ಎಂದು ಮರಿಯಾಲ ಶ್ರೀಗಳು ತಿಳಿಸಿದರು.

ಪ್ರಾಧ್ಯಾಪಕ ಸೈಯದ್ ಮಿನಾಜುಲ್ ಹಸನ್ ಅವರ ಸೇವೆ, ಸಾಧನೆ ಶ್ಲಾಘನೀಯ– ಡಾ.ರಝಾಕ್ ಉಸ್ತಾದ್

ಕುರಿತು ವಿವರಿಸಿದರು.

ಮುಖಂಡರಾದ ಹಾಜಿಸ್ ಸಿದ್ದಿಕಿ, ಸಾಜಿದ್ ಖಾನ್, ಜಾಲೀದ್ ಖಾನ್, ಸುರೇಶ ಕುಡಿ, ಅರ್ಫ್ ಮಿಯಾ ಜಾಗಿರಾಯಿ, ತಾಯಪ್ಪ ಬಿ.ಹೊಸೂರು, ಮೊಹಮ್ಮದ್ ಸಾಜಿದ್ ಅವರು ಹಾಜರಿದ್ದರು.

ಗೌರವ ಸನ್ಮಾನ ಸ್ವೀಕರಿಸಿ ಮಾತನಾಡಿದ ಪ್ರಾಧ್ಯಾಪಕ ಸೈಯದ್ ಮಿನಾಜುಲ್ ಹಸನ್, ನನ್ನ ವೃತ್ತಿಜೀವನ ಹಾಗೂ ವ್ಯಕ್ತಿ ಜೀವನದ ಯಶಸ್ಸಿಗೆ ತಂದೆ-ತಾಯಿಯ ಆಶೀರ್ವಾದ, ವಿದ್ಯಾರ್ಥಿಗಳ ಪ್ರೀತಿಯೇ ಕಾರಣ ಎಂದರು.

ವಿದ್ಯಾರ್ಥಿಗಳಿಗೆ ಅತ್ಯುತ್ತಮ ಶಿಕ್ಷಣ ಹಾಗೂ ಉದ್ಯೋಗ ಕಲ್ಪಿಸುವುದು ಮತ್ತು ಶಾಂತಿ, ಸೌಹಾರ್ದ, ಸಹೋದರತ್ವದ ಸಮಾಜ ನಿರ್ಮಾಣಕ್ಕೆ ಶ್ರಮಿಸುವುದು ನನ್ನ ಸಂಕಲ್ಪ ಎಂದು ತಿಳಿಸಿದರು.

ಪಟ್ಟಣದ ಹಲವಾರು ಗಣ್ಯರು, ಸಂಘ ಸಂಸ್ಥೆಗಳ ಮುಖಂಡರು, ಸರ್ಕಾರಿ ನೌಕರರ ಸಂಘ ಹಾಗೂ ಮುಸ್ಲಿಂ ನೌಕರರ ಸಂಘದ ಪದಾಧಿಕಾರಿಗಳು, ಉಪನ್ಯಾಸಕರು ಹಾಗೂ ವಿದ್ಯಾರ್ಥಿಗಳು ಸೈಯದ್ ಮಿನಾಜುಲ್ ಹಸನ್ ಅವರನ್ನು ಸನ್ಮಾನಿಸಿ ಅಭಿನಂದಿಸಿದರು.

ಕಾರ್ಯಕ್ರಮದಲ್ಲಿ ಸೈಯದ್ ಮಿನಾಜುಲ್ ಹಸನ್ ಅವರ ಶಿಕ್ಷಣ ಮತ್ತು ವೃತ್ತಿ ಬದುಕಿನ ಮಹತ್ವದ ಸಾಧನೆಗಳ ಕುರಿತ ಪ್ರಶಂಸನಾ ಭಾಷಣಗಳು ನಡೆದವು.

ಶಿಕ್ಷಕ ಅಬ್ದುಲ್ ಯೂನಿಸ್ ಅಭಿನಂದನಾ ಭಾಷಣ ಮಾಡಿದರು.

ಹಿರಿಯ ವಕೀಲ ಸೈಯದ್ ತನ್ವೀರ್ ಹಸನ್ ಕಾರ್ಯಕ್ರಮ ಉದ್ಘಾಟಿಸಿದರು.

ಯುವ ಮುಖಂಡ ಮಹಮ್ಮದ್ ಬೇಗ್ ಸಂವಿಧಾನ ಪೀಠಿಕೆ ಬೋಧಿಸಿದರು.

ಹಸನ್ ಕುಟುಂಬದ ಸದಸ್ಯರಾದ ಸೈಯದ್ ಶಹಬಾಜ್ ಹಸನ್, ಸೈಯದ್ ಸರ್ಫರಾಜುಲ್ ಹಸನ್ ಹಾಜರಿದ್ದರು.

ಎಂ.ಎ.ಎಚ್.ಮುಖೀತ್ ಪ್ರಾಸ್ತಾವಿಕ ಭಾಷಣ ಮಾಡಿದರು.

ಶಿಕ್ಷಕ ಅಜ್ಗರ್ ಅಲಿ ಸಲಾಂ ನಿರೂಪಿಸಿದರು.

ಉಪನ್ಯಾಸಕ ಮಹಿಬೂಬ್ ಮದ್ದಾಪೂರ ಸ್ವಾಗತಿಸಿದರು. ಪ್ರಾಧ್ಯಾಪಕ ಸೈಯದ್ ಮುಜೀಬ್ ಅಹ್ಮದ್ ವಂದಿಸಿದರು.

ಕೇಂದ್ರ ಸಚಿವರಾಗಿದ್ದ ದಿ. ಎನ್.ರಾಜಶೇಖರಮೂರ್ತಿ ಅವರ 15ನೇ ವರ್ಷದ ಪುಣ್ಯಸ್ಮರಣೆಯ ಅಂಗವಾಗಿ ನಗರದ ಸಮೀಪದ ಮರಿಯಾಲದ ಶ್ರೀ ಮುರುಘರಾಜೇಂದ್ರಸ್ವಾಮಿ ವಿದ್ಯಾಸಂಸ್ಥೆಯಲ್ಲಿ ಆಯೋಜಿಸಿದ್ದ ಕಾರ್ಯಕ್ರಮದಲ್ಲಿ ಮಾತನಾಡಿದರು.

ರಾಜಶೇಖರಮೂರ್ತಿ ಅವರು ರಾಜಕಾರಣದಲ್ಲಿ ಶುದ್ಧ ಹಸ್ತರು, ರಾಜಕಾರಣದ ಜೊತೆಗೆ ಮಾನವೀಯ ಮೌಲ್ಯಗಳನ್ನು ಬೆಳೆಸಿಕೊಂಡವರು. ಶಿಕ್ಷಣ ಕ್ಷೇತ್ರದ ಅಭಿವೃದ್ಧಿಗೆ ಶ್ರಮಿಸಿದರು. ಆಗಿನ ಕಾಲದಲ್ಲಿ ಹಳ್ಳಿಗಾಡಿನ ಮಕ್ಕಳಿಗೆ ಶಿಕ್ಷಣ ನೀಡುವ ಉದ್ದೇಶದಿಂದ ಶಿಕ್ಷಣ ಸಂಸ್ಥೆಗಳನ್ನು ಸ್ಥಾಪಿಸಿದರು.

ಅಂದಿನ ಕಾಲದಲ್ಲಿ ವಿದ್ಯಾಸಂಸ್ಥೆ ಸ್ಥಾಪಿಸಿ ಆ ಮೂಲಕ ಗ್ರಾಮೀಣ ಭಾಗದ ಮಕ್ಕಳಿಗೆ ಶಿಕ್ಷಣ ನೀಡಿದರು. ಅವರ ಕನಸನ್ನು ನನಸು ಮಾಡುವ ಕೆಲಸ ಅವರ ಕುಟುಂಬದವರು ಮಾಡುತ್ತಿದ್ದಾರೆ ಎಂದರು.

ದಿ. ರಾಜಶೇಖರಮೂರ್ತಿ ಅವರ ಪುತ್ರಿ ಶೀಲಾ ಹರಿಶಂಕರ್ ಮಾತನಾಡಿ, ತಂದೆಯವರು ಶಿಕ್ಷಣಕ್ಕೆ ಹೆಚ್ಚಿನ ಒತ್ತು ನೀಡಿದ್ದರು. ವಿದ್ಯಾರ್ಥಿಗಳು ಶ್ರದ್ಧೆಯಿಂದ ಓದಿ ಉನ್ನತ ಸ್ಥಾನಕ್ಕೆ ತಲುಪಬೇಕು ಎಂದರು.

ಇಂತಹ ತಮ್ಮ ಭವ್ಯ ಕನಸಿನ ಸಿದ್ದಿಗೆ ಅವರು ಅಯ್ಕೆ ಮಾಡಿಕೊಂಡಿದ್ದು, ಜಿಲ್ಲೆಯ ಮರಿಯಾಲ ಗ್ರಾಮವನ್ನು.
